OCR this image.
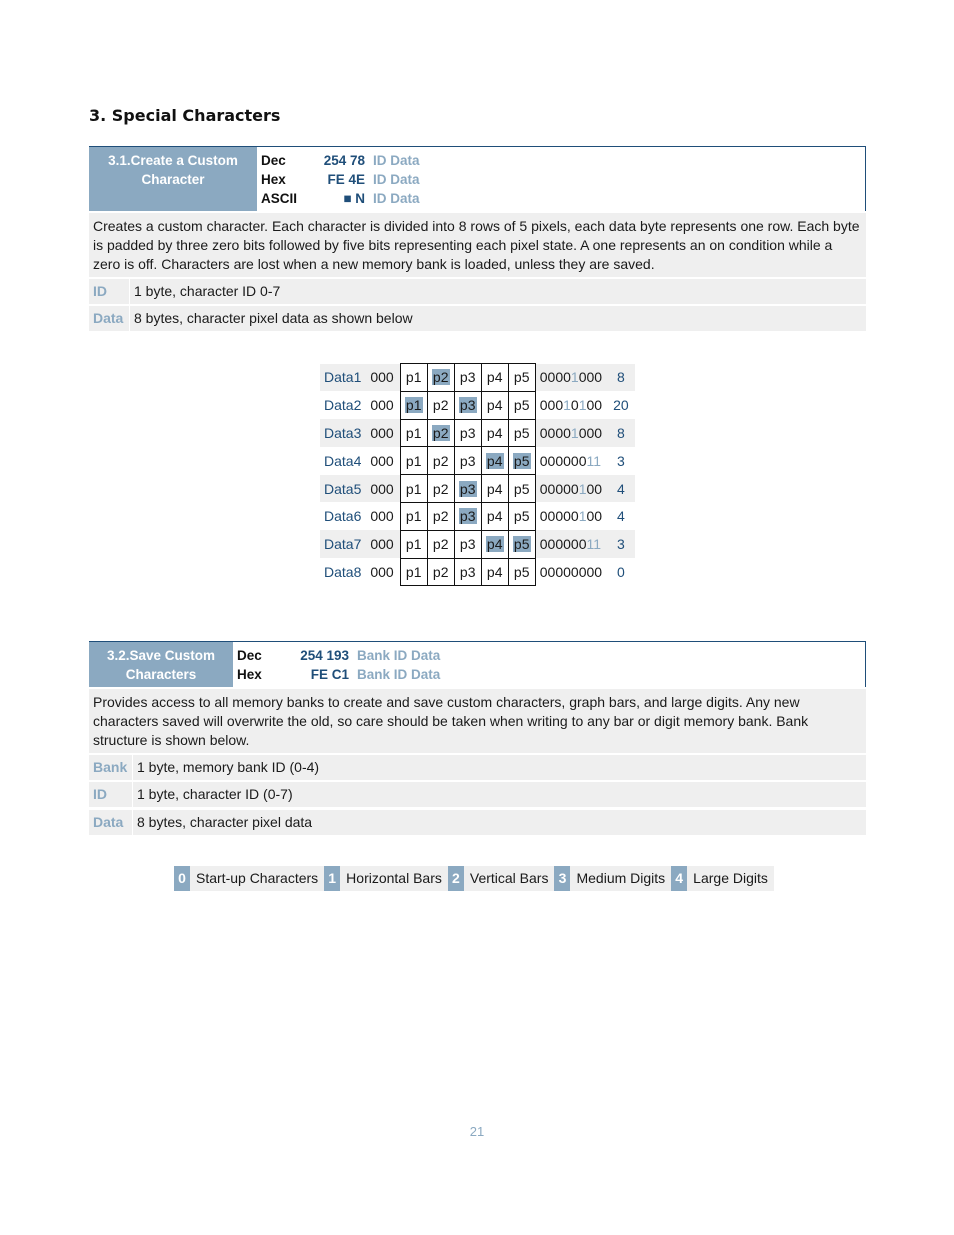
3. Special Characters
3.1.Create a Custom
Character
Dec	254 78 ID Data
Hex	FE 4E ID Data
ASCII	■ N ID Data
Creates a custom character. Each character is divided into 8 rows of 5 pixels, each data byte represents one row. Each byte is padded by three zero bits followed by five bits representing each pixel state. A one represents an on condition while a zero is off. Characters are lost when a new memory bank is loaded, unless they are saved.
ID	1 byte, character ID 0-7
Data 8 bytes, character pixel data as shown below
Data1	000	p1	p2	p3	p4	p5	00001000	8
Data2	000	p1	p2	p3	p4	p5	00010100	20
Data3	000	p1	p2	p3	p4	p5	00001000	8
Data4	000	p1	p2	p3	p4	p5	00000011	3
Data5	000	p1	p2	p3	p4	p5	00000100	4
Data6	000	p1	p2	p3	p4	p5	00000100	4
Data7	000	p1	p2	p3	p4	p5	00000011	3
Data8	000	p1	p2	p3	p4	p5	00000000	0
3.2.Save Custom
Characters
Dec	254 193 Bank ID Data
Hex	FE C1 Bank ID Data
Provides access to all memory banks to create and save custom characters, graph bars, and large digits. Any new characters saved will overwrite the old, so care should be taken when writing to any bar or digit memory bank. Bank structure is shown below.
Bank 1 byte, memory bank ID (0-4)
ID	1 byte, character ID (0-7)
Data 8 bytes, character pixel data
0 Start-up Characters 1 Horizontal Bars 2 Vertical Bars 3 Medium Digits 4 Large Digits
21
